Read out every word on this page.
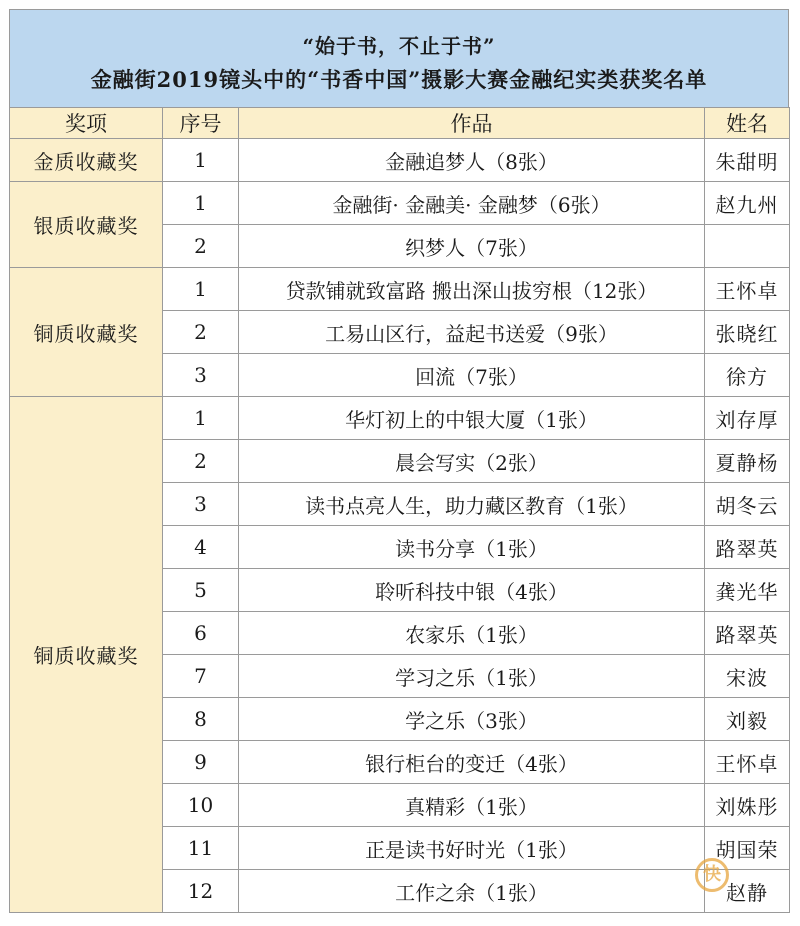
“始于书，不止于书”
金融街2019镜头中的“书香中国”摄影大赛金融纪实类获奖名单
奖项	序号	作品	姓名
金质收藏奖	1	金融追梦人（8张）	朱甜明
银质收藏奖	1	金融街· 金融美· 金融梦（6张）	赵九州
	2	织梦人（7张）	
铜质收藏奖	1	贷款铺就致富路 搬出深山拔穷根（12张）	王怀卓
	2	工易山区行，益起书送爱（9张）	张晓红
	3	回流（7张）	徐方
铜质收藏奖	1	华灯初上的中银大厦（1张）	刘存厚
	2	晨会写实（2张）	夏静杨
	3	读书点亮人生，助力藏区教育（1张）	胡冬云
	4	读书分享（1张）	路翠英
	5	聆听科技中银（4张）	龚光华
	6	农家乐（1张）	路翠英
	7	学习之乐（1张）	宋波
	8	学之乐（3张）	刘毅
	9	银行柜台的变迁（4张）	王怀卓
	10	真精彩（1张）	刘姝彤
	11	正是读书好时光（1张）	胡国荣
	12	工作之余（1张）	赵静
快
